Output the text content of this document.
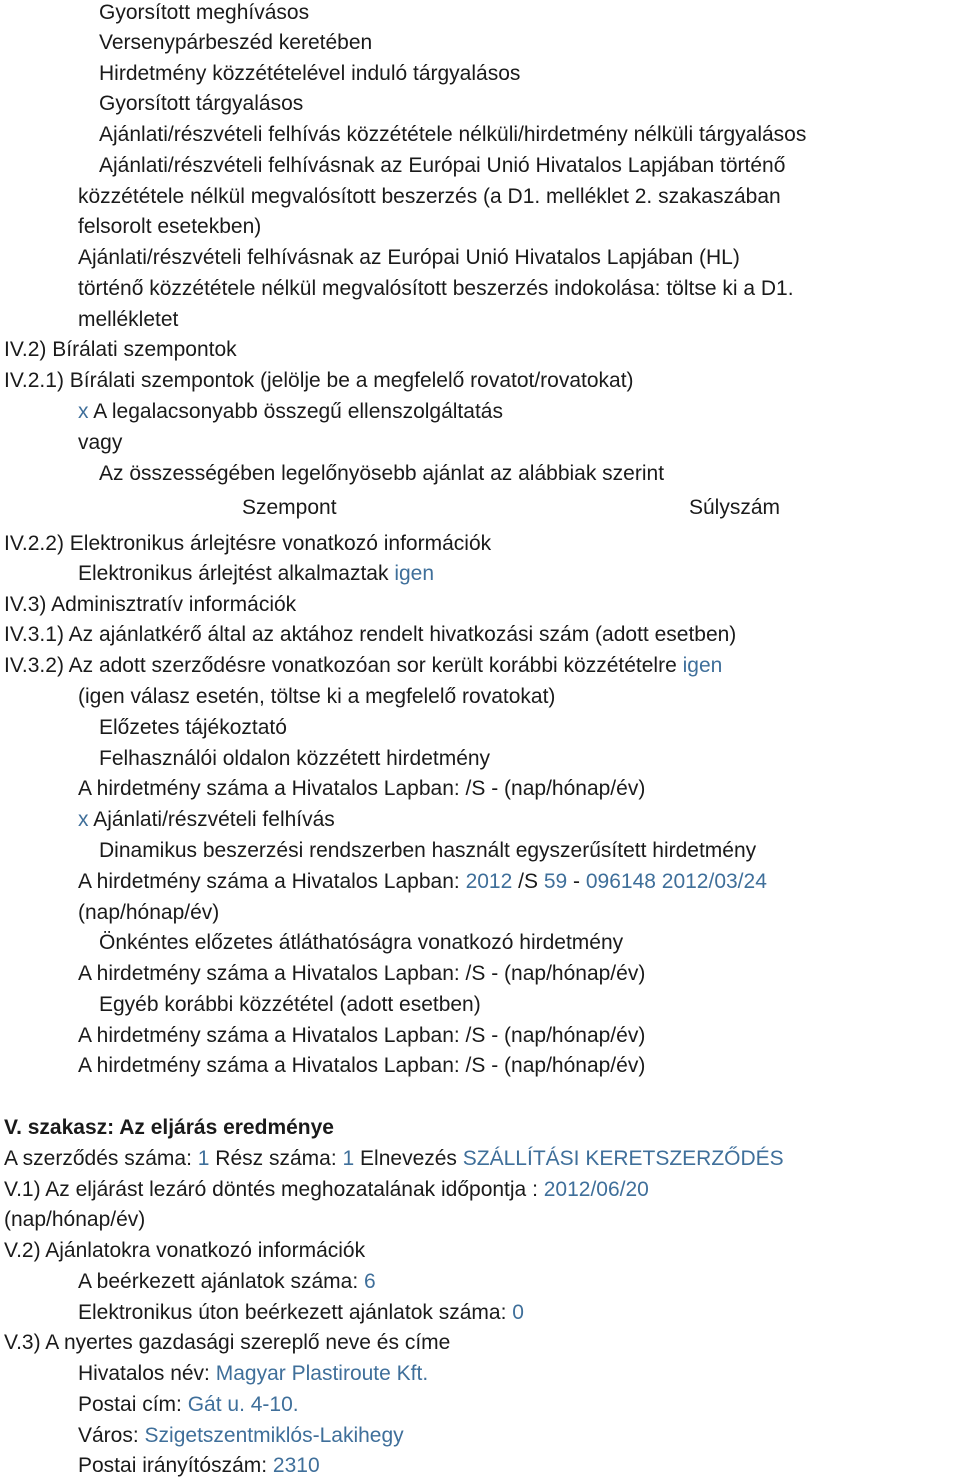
Gyorsított meghívásos
Versenypárbeszéd keretében
Hirdetmény közzétételével induló tárgyalásos
Gyorsított tárgyalásos
Ajánlati/részvételi felhívás közzététele nélküli/hirdetmény nélküli tárgyalásos
Ajánlati/részvételi felhívásnak az Európai Unió Hivatalos Lapjában történő
közzététele nélkül megvalósított beszerzés (a D1. melléklet 2. szakaszában
felsorolt esetekben)
Ajánlati/részvételi felhívásnak az Európai Unió Hivatalos Lapjában (HL)
történő közzététele nélkül megvalósított beszerzés indokolása: töltse ki a D1.
mellékletet
IV.2) Bírálati szempontok
IV.2.1) Bírálati szempontok (jelölje be a megfelelő rovatot/rovatokat)
x A legalacsonyabb összegű ellenszolgáltatás
vagy
Az összességében legelőnyösebb ajánlat az alábbiak szerint
Szempont	Súlyszám
IV.2.2) Elektronikus árlejtésre vonatkozó információk
Elektronikus árlejtést alkalmaztak igen
IV.3) Adminisztratív információk
IV.3.1) Az ajánlatkérő által az aktához rendelt hivatkozási szám (adott esetben)
IV.3.2) Az adott szerződésre vonatkozóan sor került korábbi közzétételre igen
(igen válasz esetén, töltse ki a megfelelő rovatokat)
Előzetes tájékoztató
Felhasználói oldalon közzétett hirdetmény
A hirdetmény száma a Hivatalos Lapban: /S - (nap/hónap/év)
x Ajánlati/részvételi felhívás
Dinamikus beszerzési rendszerben használt egyszerűsített hirdetmény
A hirdetmény száma a Hivatalos Lapban: 2012 /S 59 - 096148 2012/03/24
(nap/hónap/év)
Önkéntes előzetes átláthatóságra vonatkozó hirdetmény
A hirdetmény száma a Hivatalos Lapban: /S - (nap/hónap/év)
Egyéb korábbi közzététel (adott esetben)
A hirdetmény száma a Hivatalos Lapban: /S - (nap/hónap/év)
A hirdetmény száma a Hivatalos Lapban: /S - (nap/hónap/év)
V. szakasz: Az eljárás eredménye
A szerződés száma: 1 Rész száma: 1 Elnevezés SZÁLLÍTÁSI KERETSZERZŐDÉS
V.1) Az eljárást lezáró döntés meghozatalának időpontja : 2012/06/20
(nap/hónap/év)
V.2) Ajánlatokra vonatkozó információk
A beérkezett ajánlatok száma: 6
Elektronikus úton beérkezett ajánlatok száma: 0
V.3) A nyertes gazdasági szereplő neve és címe
Hivatalos név: Magyar Plastiroute Kft.
Postai cím: Gát u. 4-10.
Város: Szigetszentmiklós-Lakihegy
Postai irányítószám: 2310
